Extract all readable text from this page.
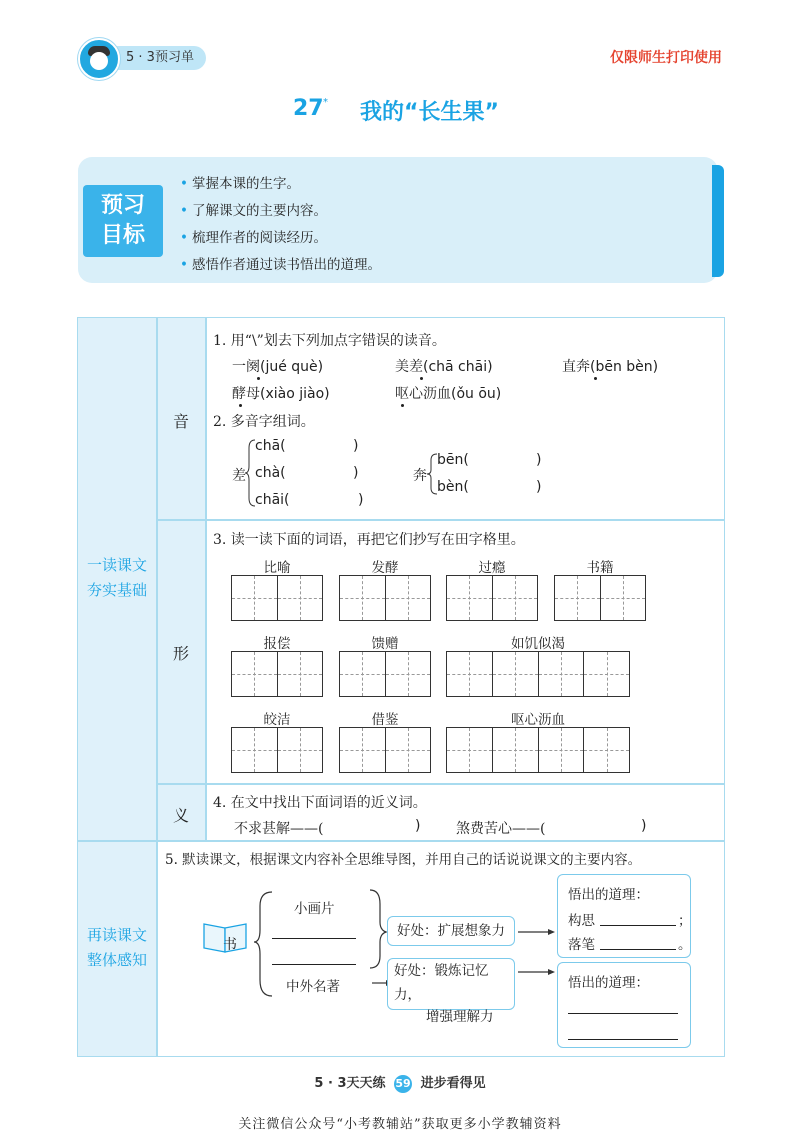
5 · 3预习单	仅限师生打印使用
27 * 我的“长生果”
预习
目标
• 掌握本课的生字。
• 了解课文的主要内容。
• 梳理作者的阅读经历。
• 感悟作者通过读书悟出的道理。
一读课文
夯实基础
再读课文
整体感知
音
形
义
1. 用“\”划去下列加点字错误的读音。
一阕(jué què)	美差(chā chāi)	直奔(bēn bèn)
酵母(xiào jiào)	呕心沥血(ǒu ōu)
2. 多音字组词。
差
chā(	)
chà(	)
chāi(	)
奔
bēn(	)
bèn(	)
3. 读一读下面的词语，再把它们抄写在田字格里。
比喻	发酵	过瘾	书籍
报偿	馈赠	如饥似渴
皎洁	借鉴	呕心沥血
4. 在文中找出下面词语的近义词。
不求甚解——(	)	煞费苦心——(	)
5. 默读课文，根据课文内容补全思维导图，并用自己的话说说课文的主要内容。
书
小画片
中外名著
好处：扩展想象力
好处：锻炼记忆力，
增强理解力
悟出的道理：
构思	；
落笔	。
悟出的道理：
5 · 3天天练 59 进步看得见
关注微信公众号“小考教辅站”获取更多小学教辅资料
